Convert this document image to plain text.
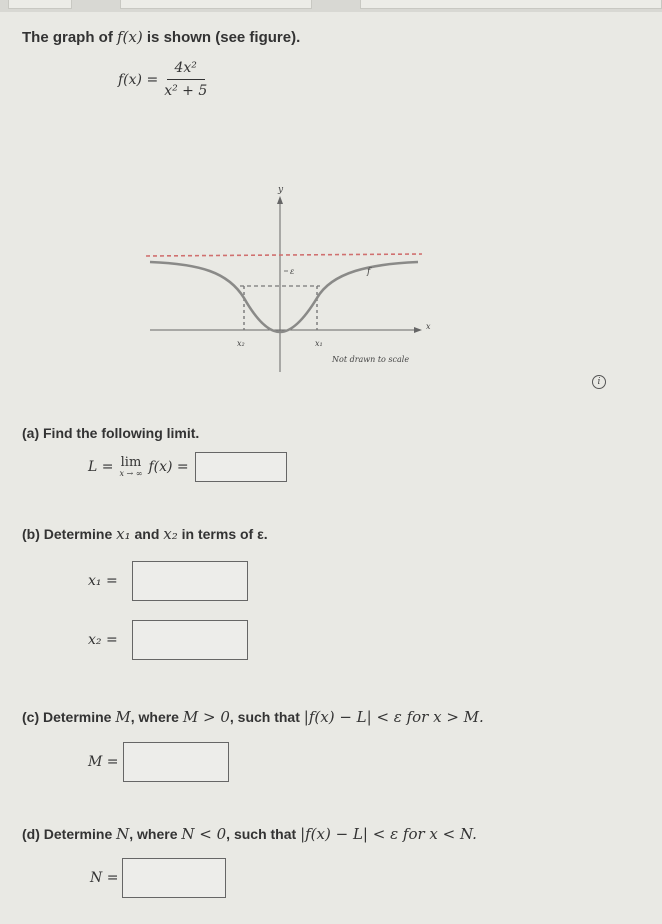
The graph of f(x) is shown (see figure).
$f(x) = \frac{\text{4x²}}{\text{x² + 5}}$
y
x
ε	f
x₂	x₁
Not drawn to scale
i
(a) Find the following limit.
L = lim
x → ∞ f(x) =
(b) Determine x₁ and x₂ in terms of ε.
x₁ =
x₂ =
(c) Determine M, where M > 0, such that |f(x) − L| < ε for x > M.
M =
(d) Determine N, where N < 0, such that |f(x) − L| < ε for x < N.
N =
